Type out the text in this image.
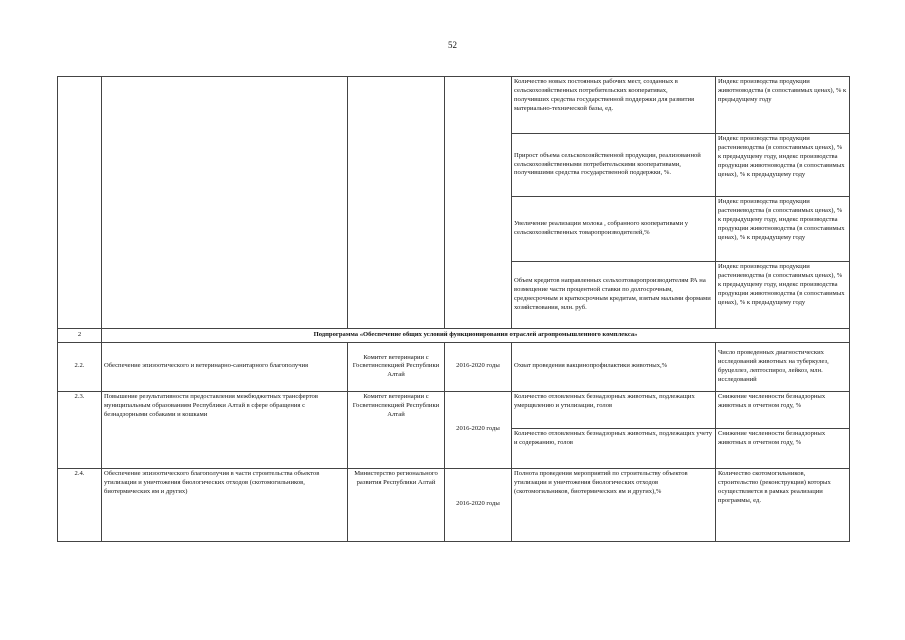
52

				Количество новых постоянных рабочих мест, созданных в сельскохозяйственных потребительских кооперативах,
получивших средства государственной поддержки для развития материально-технической базы, ед.	Индекс производства продукции животноводства (в сопоставимых ценах), % к предыдущему году

				Прирост объема сельскохозяйственной продукции, реализованной сельскохозяйственными потребительскими кооперативами,
получившими средства государственной поддержки, %.	Индекс производства продукции растениеводства (в сопоставимых ценах), % к предыдущему году, индекс производства продукции животноводства (в сопоставимых ценах), % к предыдущему году
				Увеличение реализации молока , собранного кооперативами у сельскохозяйственных товаропроизводителей,%	Индекс производства продукции растениеводства (в сопоставимых ценах), % к предыдущему году, индекс производства продукции животноводства (в сопоставимых ценах), % к предыдущему году
				Объем кредитов направленных сельхозтоваропроизводителям РА на возмещение части процентной ставки по долгосрочным, среднесрочным и краткосрочным кредитам, взятым малыми формами хозяйствования, млн. руб.	Индекс производства продукции растениеводства (в сопоставимых ценах), % к предыдущему году, индекс производства продукции животноводства (в сопоставимых ценах), % к предыдущему году
2	Подпрограмма «Обеспечение общих условий функционирования отраслей агропромышленного комплекса»				
2.2.	Обеспечение эпизоотического и ветеринарно-санитарного благополучия	Комитет ветеринарии с Госветинспекцией Республики Алтай	2016-2020 годы	Охват проведения вакцинопрофилактики животных,%	Число проведенных диагностических исследований животных на туберкулез, бруцеллез, лептоспироз, лейкоз, млн. исследований
2.3.	Повышение результативности предоставления межбюджетных трансфертов муниципальным образованиям Республики Алтай в сфере обращения с безнадзорными собаками и кошками	Комитет ветеринарии с Госветинспекцией Республики Алтай	2016-2020 годы	Количество отловленных безнадзорных животных, подлежащих умерщвлению и утилизации, голов	Снижение численности безнадзорных животных в отчетном году, %
				Количество отловленных безнадзорных животных, подлежащих учету и содержанию, голов	Снижение численности безнадзорных животных в отчетном году, %
2.4.	Обеспечение эпизоотического благополучия в части строительства объектов утилизации и уничтожения биологических отходов (скотомогильников, биотермических ям и других)	Министерство регионального развития Республики Алтай	2016-2020 годы	Полнота проведения мероприятий по строительству объектов утилизации и уничтожения биологических отходов (скотомогильников, биотермических ям и других),%	Количество скотомогильников, строительство (реконструкция) которых осуществляется в рамках реализации программы, ед.
